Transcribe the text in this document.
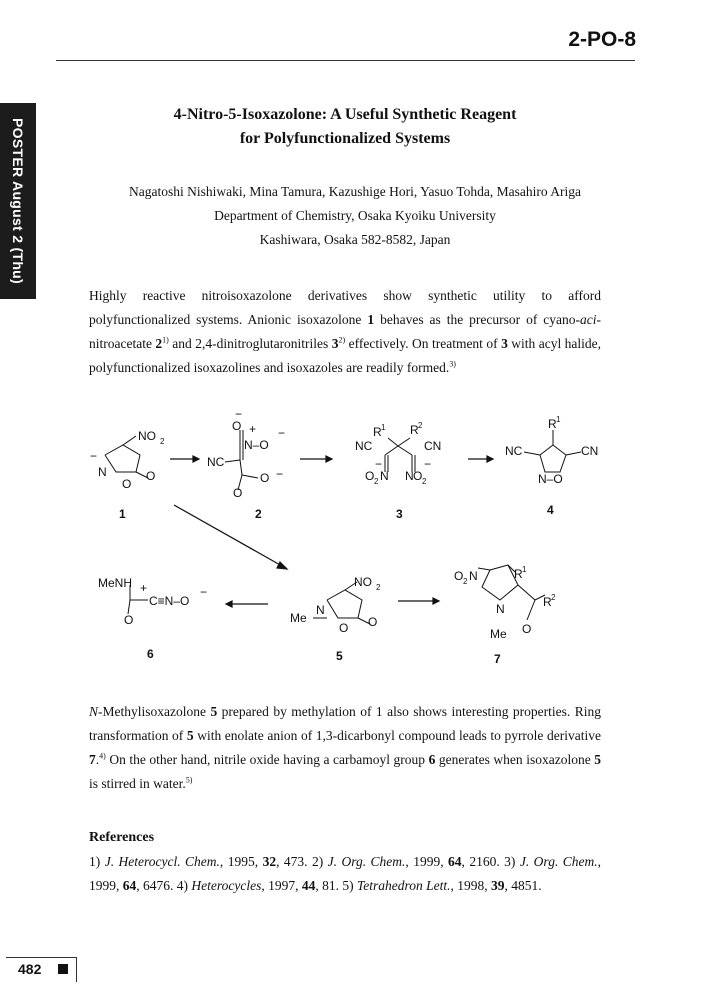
POSTER August 2 (Thu)
2-PO-8
4-Nitro-5-Isoxazolone: A Useful Synthetic Reagent
for Polyfunctionalized Systems
Nagatoshi Nishiwaki, Mina Tamura, Kazushige Hori, Yasuo Tohda, Masahiro Ariga
Department of Chemistry, Osaka Kyoiku University
Kashiwara, Osaka 582-8582, Japan
Highly reactive nitroisoxazolone derivatives show synthetic utility to afford polyfunctionalized systems. Anionic isoxazolone 1 behaves as the precursor of cyano-aci-nitroacetate 2$^{1)}$ and 2,4-dinitroglutaronitriles 3$^{2)}$ effectively. On treatment of 3 with acyl halide, polyfunctionalized isoxazolines and isoxazoles are readily formed.$^{3)}$
NO 2
−
N
O
O
−
O +
N–O
−
NC
O −
O
R 1 R 2
NC	CN
−	−
O 2 N N O 2
R 1
NC	CN
N–O
MeNH +
O
C≡N–O
−
NO 2
Me
N
O O
O 2 N	R 1
R 2
N
Me O
1	2	3	4
5
6	7
N-Methylisoxazolone 5 prepared by methylation of 1 also shows interesting properties. Ring transformation of 5 with enolate anion of 1,3-dicarbonyl compound leads to pyrrole derivative 7.$^{4)}$ On the other hand, nitrile oxide having a carbamoyl group 6 generates when isoxazolone 5 is stirred in water.$^{5)}$
References
1) J. Heterocycl. Chem., 1995, 32, 473. 2) J. Org. Chem., 1999, 64, 2160. 3) J. Org. Chem., 1999, 64, 6476. 4) Heterocycles, 1997, 44, 81. 5) Tetrahedron Lett., 1998, 39, 4851.
482
